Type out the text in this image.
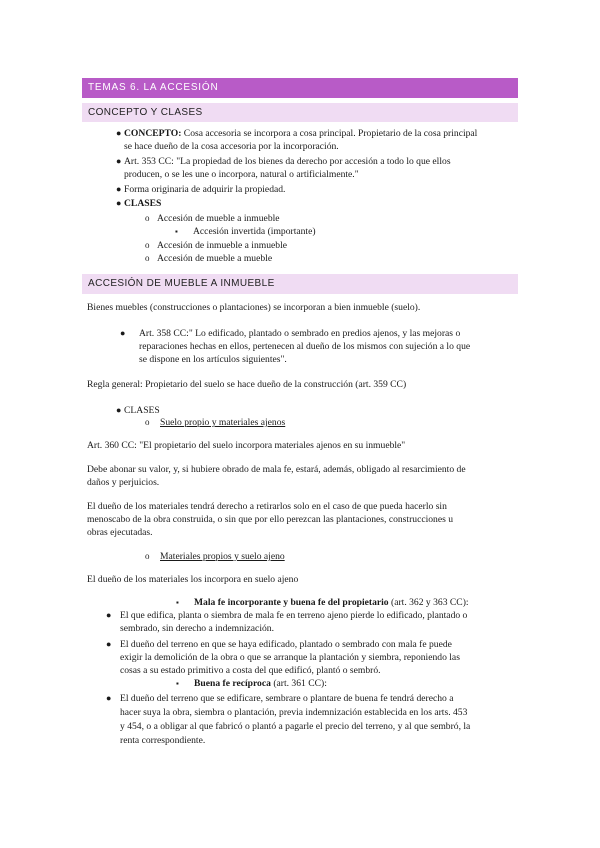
TEMAS 6. LA ACCESIÓN
CONCEPTO Y CLASES
● CONCEPTO: Cosa accesoria se incorpora a cosa principal. Propietario de la cosa principal
se hace dueño de la cosa accesoria por la incorporación.
● Art. 353 CC: "La propiedad de los bienes da derecho por accesión a todo lo que ellos
producen, o se les une o incorpora, natural o artificialmente."
● Forma originaria de adquirir la propiedad.
● CLASES
o Accesión de mueble a inmueble
▪ Accesión invertida (importante)
o Accesión de inmueble a inmueble
o Accesión de mueble a mueble
ACCESIÓN DE MUEBLE A INMUEBLE
Bienes muebles (construcciones o plantaciones) se incorporan a bien inmueble (suelo).
● Art. 358 CC:" Lo edificado, plantado o sembrado en predios ajenos, y las mejoras o
reparaciones hechas en ellos, pertenecen al dueño de los mismos con sujeción a lo que
se dispone en los artículos siguientes".
Regla general: Propietario del suelo se hace dueño de la construcción (art. 359 CC)
● CLASES
o Suelo propio y materiales ajenos
Art. 360 CC: "El propietario del suelo incorpora materiales ajenos en su inmueble"
Debe abonar su valor, y, si hubiere obrado de mala fe, estará, además, obligado al resarcimiento de
daños y perjuicios.
El dueño de los materiales tendrá derecho a retirarlos solo en el caso de que pueda hacerlo sin
menoscabo de la obra construida, o sin que por ello perezcan las plantaciones, construcciones u
obras ejecutadas.
o Materiales propios y suelo ajeno
El dueño de los materiales los incorpora en suelo ajeno
▪ Mala fe incorporante y buena fe del propietario (art. 362 y 363 CC):
● El que edifica, planta o siembra de mala fe en terreno ajeno pierde lo edificado, plantado o
sembrado, sin derecho a indemnización.
● El dueño del terreno en que se haya edificado, plantado o sembrado con mala fe puede
exigir la demolición de la obra o que se arranque la plantación y siembra, reponiendo las
cosas a su estado primitivo a costa del que edificó, plantó o sembró.
▪ Buena fe recíproca (art. 361 CC):
● El dueño del terreno que se edificare, sembrare o plantare de buena fe tendrá derecho a
hacer suya la obra, siembra o plantación, previa indemnización establecida en los arts. 453
y 454, o a obligar al que fabricó o plantó a pagarle el precio del terreno, y al que sembró, la
renta correspondiente.
